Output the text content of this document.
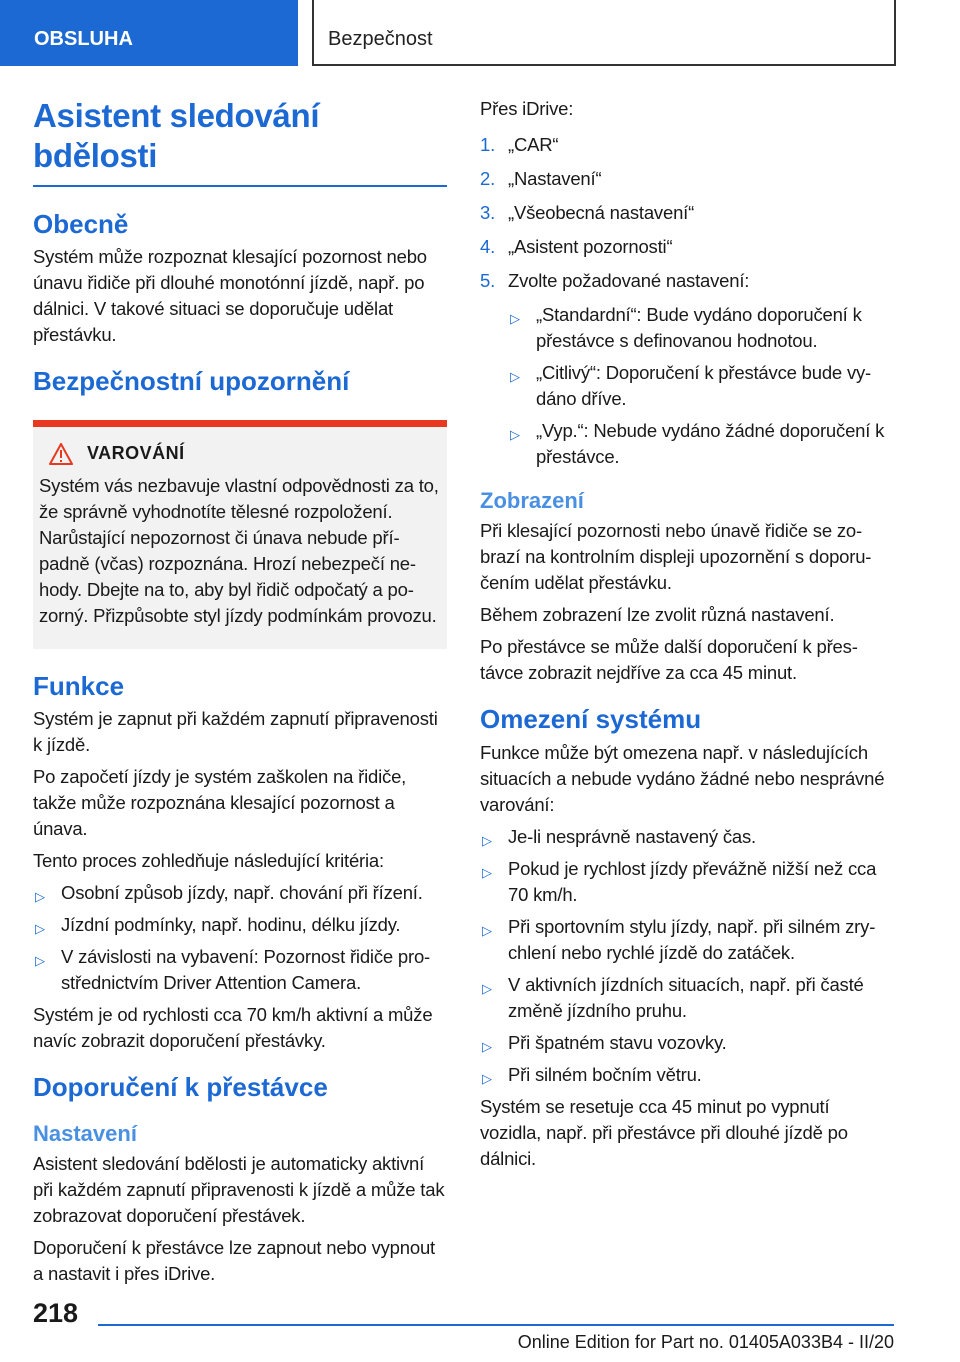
OBSLUHA	Bezpečnost
Asistent sledování bdělosti
Obecně

Systém může rozpoznat klesající pozornost nebo únavu řidiče při dlouhé monotónní jízdě, např. po dálnici. V takové situaci se doporučuje udělat přestávku.

Bezpečnostní upozornění
VAROVÁNÍ

Systém vás nezbavuje vlastní odpovědnosti za to, že správně vyhodnotíte tělesné rozpoložení. Narůstající nepozornost či únava nebude případně (včas) rozpoznána. Hrozí nebezpečí nehody. Dbejte na to, aby byl řidič odpočatý a pozorný. Přizpůsobte styl jízdy podmínkám provozu.

Funkce

Systém je zapnut při každém zapnutí připravenosti k jízdě.

Po započetí jízdy je systém zaškolen na řidiče, takže může rozpoznána klesající pozornost a únava.

Tento proces zohledňuje následující kritéria:

▷ Osobní způsob jízdy, např. chování při řízení.
▷ Jízdní podmínky, např. hodinu, délku jízdy.
▷ V závislosti na vybavení: Pozornost řidiče prostřednictvím Driver Attention Camera.

Systém je od rychlosti cca 70 km/h aktivní a může navíc zobrazit doporučení přestávky.

Doporučení k přestávce
Nastavení

Asistent sledování bdělosti je automaticky aktivní při každém zapnutí připravenosti k jízdě a může tak zobrazovat doporučení přestávek.

Doporučení k přestávce lze zapnout nebo vypnout a nastavit i přes iDrive.

Přes iDrive:

1. „CAR“
2. „Nastavení“
3. „Všeobecná nastavení“
4. „Asistent pozornosti“
5. Zvolte požadované nastavení:
▷ „Standardní“: Bude vydáno doporučení k přestávce s definovanou hodnotou.
▷ „Citlivý“: Doporučení k přestávce bude vydáno dříve.
▷ „Vyp.“: Nebude vydáno žádné doporučení k přestávce.
Zobrazení

Při klesající pozornosti nebo únavě řidiče se zobrazí na kontrolním displeji upozornění s doporučením udělat přestávku.

Během zobrazení lze zvolit různá nastavení.

Po přestávce se může další doporučení k přestávce zobrazit nejdříve za cca 45 minut.

Omezení systému

Funkce může být omezena např. v následujících situacích a nebude vydáno žádné nebo nesprávné varování:

▷ Je-li nesprávně nastavený čas.
▷ Pokud je rychlost jízdy převážně nižší než cca 70 km/h.
▷ Při sportovním stylu jízdy, např. při silném zrychlení nebo rychlé jízdě do zatáček.
▷ V aktivních jízdních situacích, např. při časté změně jízdního pruhu.
▷ Při špatném stavu vozovky.
▷ Při silném bočním větru.

Systém se resetuje cca 45 minut po vypnutí vozidla, např. při přestávce při dlouhé jízdě po dálnici.

218
Online Edition for Part no. 01405A033B4 - II/20
